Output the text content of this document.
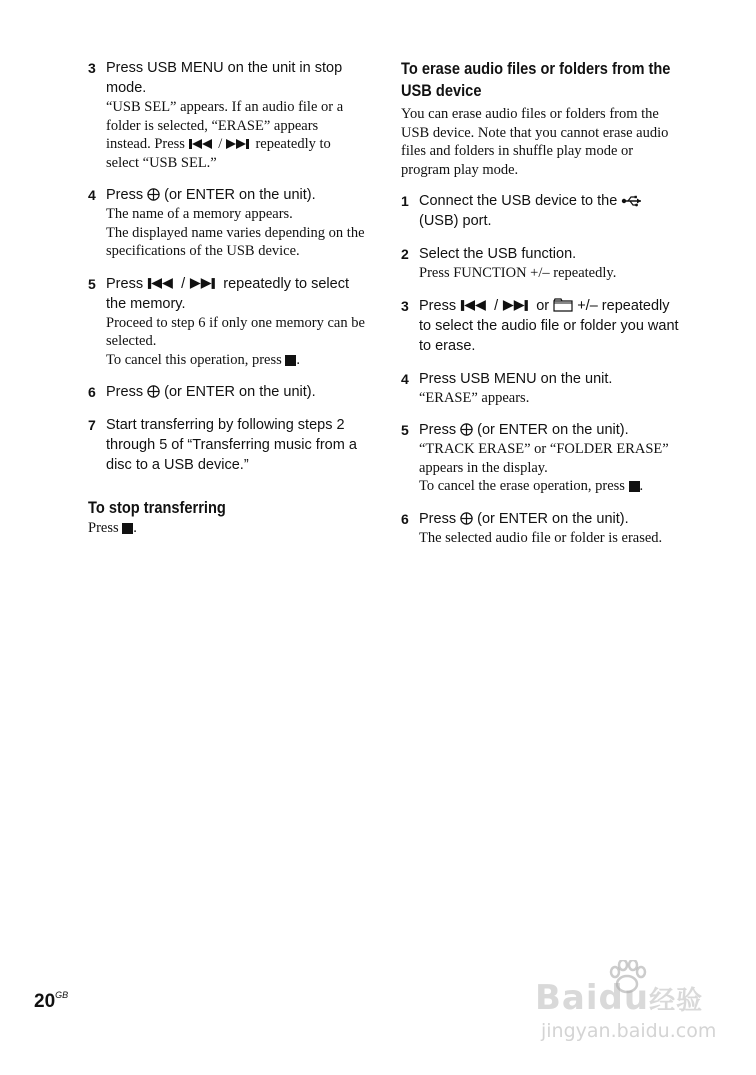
3 Press USB MENU on the unit in stop mode.
“USB SEL” appears. If an audio file or a folder is selected, “ERASE” appears instead. Press / repeatedly to select “USB SEL.”
4 Press (or ENTER on the unit).
The name of a memory appears.
The displayed name varies depending on the specifications of the USB device.
5 Press	/	repeatedly to select the memory.
Proceed to step 6 if only one memory can be selected.
To cancel this operation, press .
6 Press (or ENTER on the unit).
7 Start transferring by following steps 2 through 5 of “Transferring music from a disc to a USB device.”
To stop transferring
Press .
To erase audio files or folders from the
USB device
You can erase audio files or folders from the USB device. Note that you cannot erase audio files and folders in shuffle play mode or program play mode.
1 Connect the USB device to the  (USB) port.
2 Select the USB function.
Press FUNCTION +/– repeatedly.
3 Press	/	or +/– repeatedly to select the audio file or folder you want to erase.
4 Press USB MENU on the unit.
“ERASE” appears.
5 Press (or ENTER on the unit).
“TRACK ERASE” or “FOLDER ERASE” appears in the display.
To cancel the erase operation, press .
6 Press (or ENTER on the unit).
The selected audio file or folder is erased.
$20^{GB}$	Baidu经验
jingyan.baidu.com
